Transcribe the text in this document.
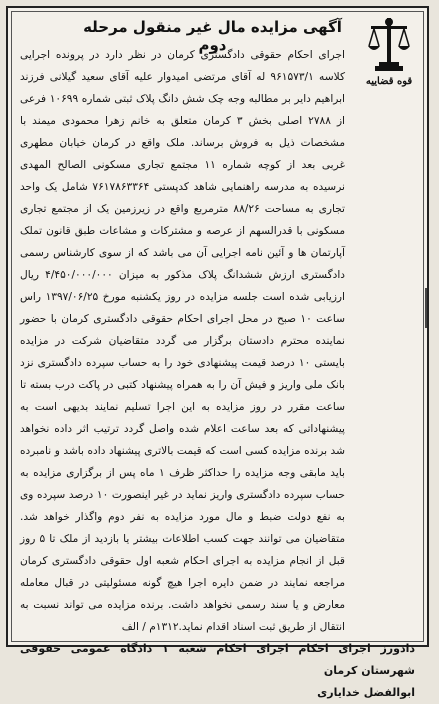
قوه قضاییه
آگهی مزایده مال غیر منقول مرحله دوم

اجرای احکام حقوقی دادگستری کرمان در نظر دارد در پرونده اجرایی کلاسه ۹۶۱۵۷۳/۱ له آقای مرتضی امیدوار علیه آقای سعید گیلانی فرزند ابراهیم دایر بر مطالبه وجه چک شش دانگ پلاک ثبتی شماره ۱۰۶۹۹ فرعی از ۲۷۸۸ اصلی بخش ۳ کرمان متعلق به خانم زهرا محمودی میمند با مشخصات ذیل به فروش برساند. ملک واقع در کرمان خیابان مطهری غربی بعد از کوچه شماره ۱۱ مجتمع تجاری مسکونی الصالح المهدی نرسیده به مدرسه راهنمایی شاهد کدپستی ۷۶۱۷۸۶۳۳۶۴ شامل یک واحد تجاری به مساحت ۸۸/۲۶ مترمربع واقع در زیرزمین یک از مجتمع تجاری مسکونی با قدرالسهم از عرصه و مشترکات و مشاعات طبق قانون تملک آپارتمان ها و آئین نامه اجرایی آن می باشد که از سوی کارشناس رسمی دادگستری ارزش ششدانگ پلاک مذکور به میزان ۴/۴۵۰/۰۰۰/۰۰۰ ریال ارزیابی شده است جلسه مزایده در روز یکشنبه مورخ ۱۳۹۷/۰۶/۲۵ راس ساعت ۱۰ صبح در محل اجرای احکام حقوقی دادگستری کرمان با حضور نماینده محترم دادستان برگزار می گردد متقاضیان شرکت در مزایده بایستی ۱۰ درصد قیمت پیشنهادی خود را به حساب سپرده دادگستری نزد بانک ملی واریز و فیش آن را به همراه پیشنهاد کتبی در پاکت درب بسته تا ساعت مقرر در روز مزایده به این اجرا تسلیم نمایند بدیهی است به پیشنهاداتی که بعد ساعت اعلام شده واصل گردد ترتیب اثر داده نخواهد شد برنده مزایده کسی است که قیمت بالاتری پیشنهاد داده باشد و نامبرده باید مابقی وجه مزایده را حداکثر ظرف ۱ ماه پس از برگزاری مزایده به حساب سپرده دادگستری واریز نماید در غیر اینصورت ۱۰ درصد سپرده وی به نفع دولت ضبط و مال مورد مزایده به نفر دوم واگذار خواهد شد. متقاضیان می توانند جهت کسب اطلاعات بیشتر یا بازدید از ملک تا ۵ روز قبل از انجام مزایده به اجرای احکام شعبه اول حقوقی دادگستری کرمان مراجعه نمایند در ضمن دایره اجرا هیچ گونه مسئولیتی در قبال معامله معارض و یا سند رسمی نخواهد داشت. برنده مزایده می تواند نسبت به انتقال از طریق ثبت اسناد اقدام نماید.۱۳۱۲م / الف

دادورز اجرای احکام اجرای احکام شعبه ۱ دادگاه عمومی حقوقی شهرستان کرمان

ابوالفضل خدایاری
